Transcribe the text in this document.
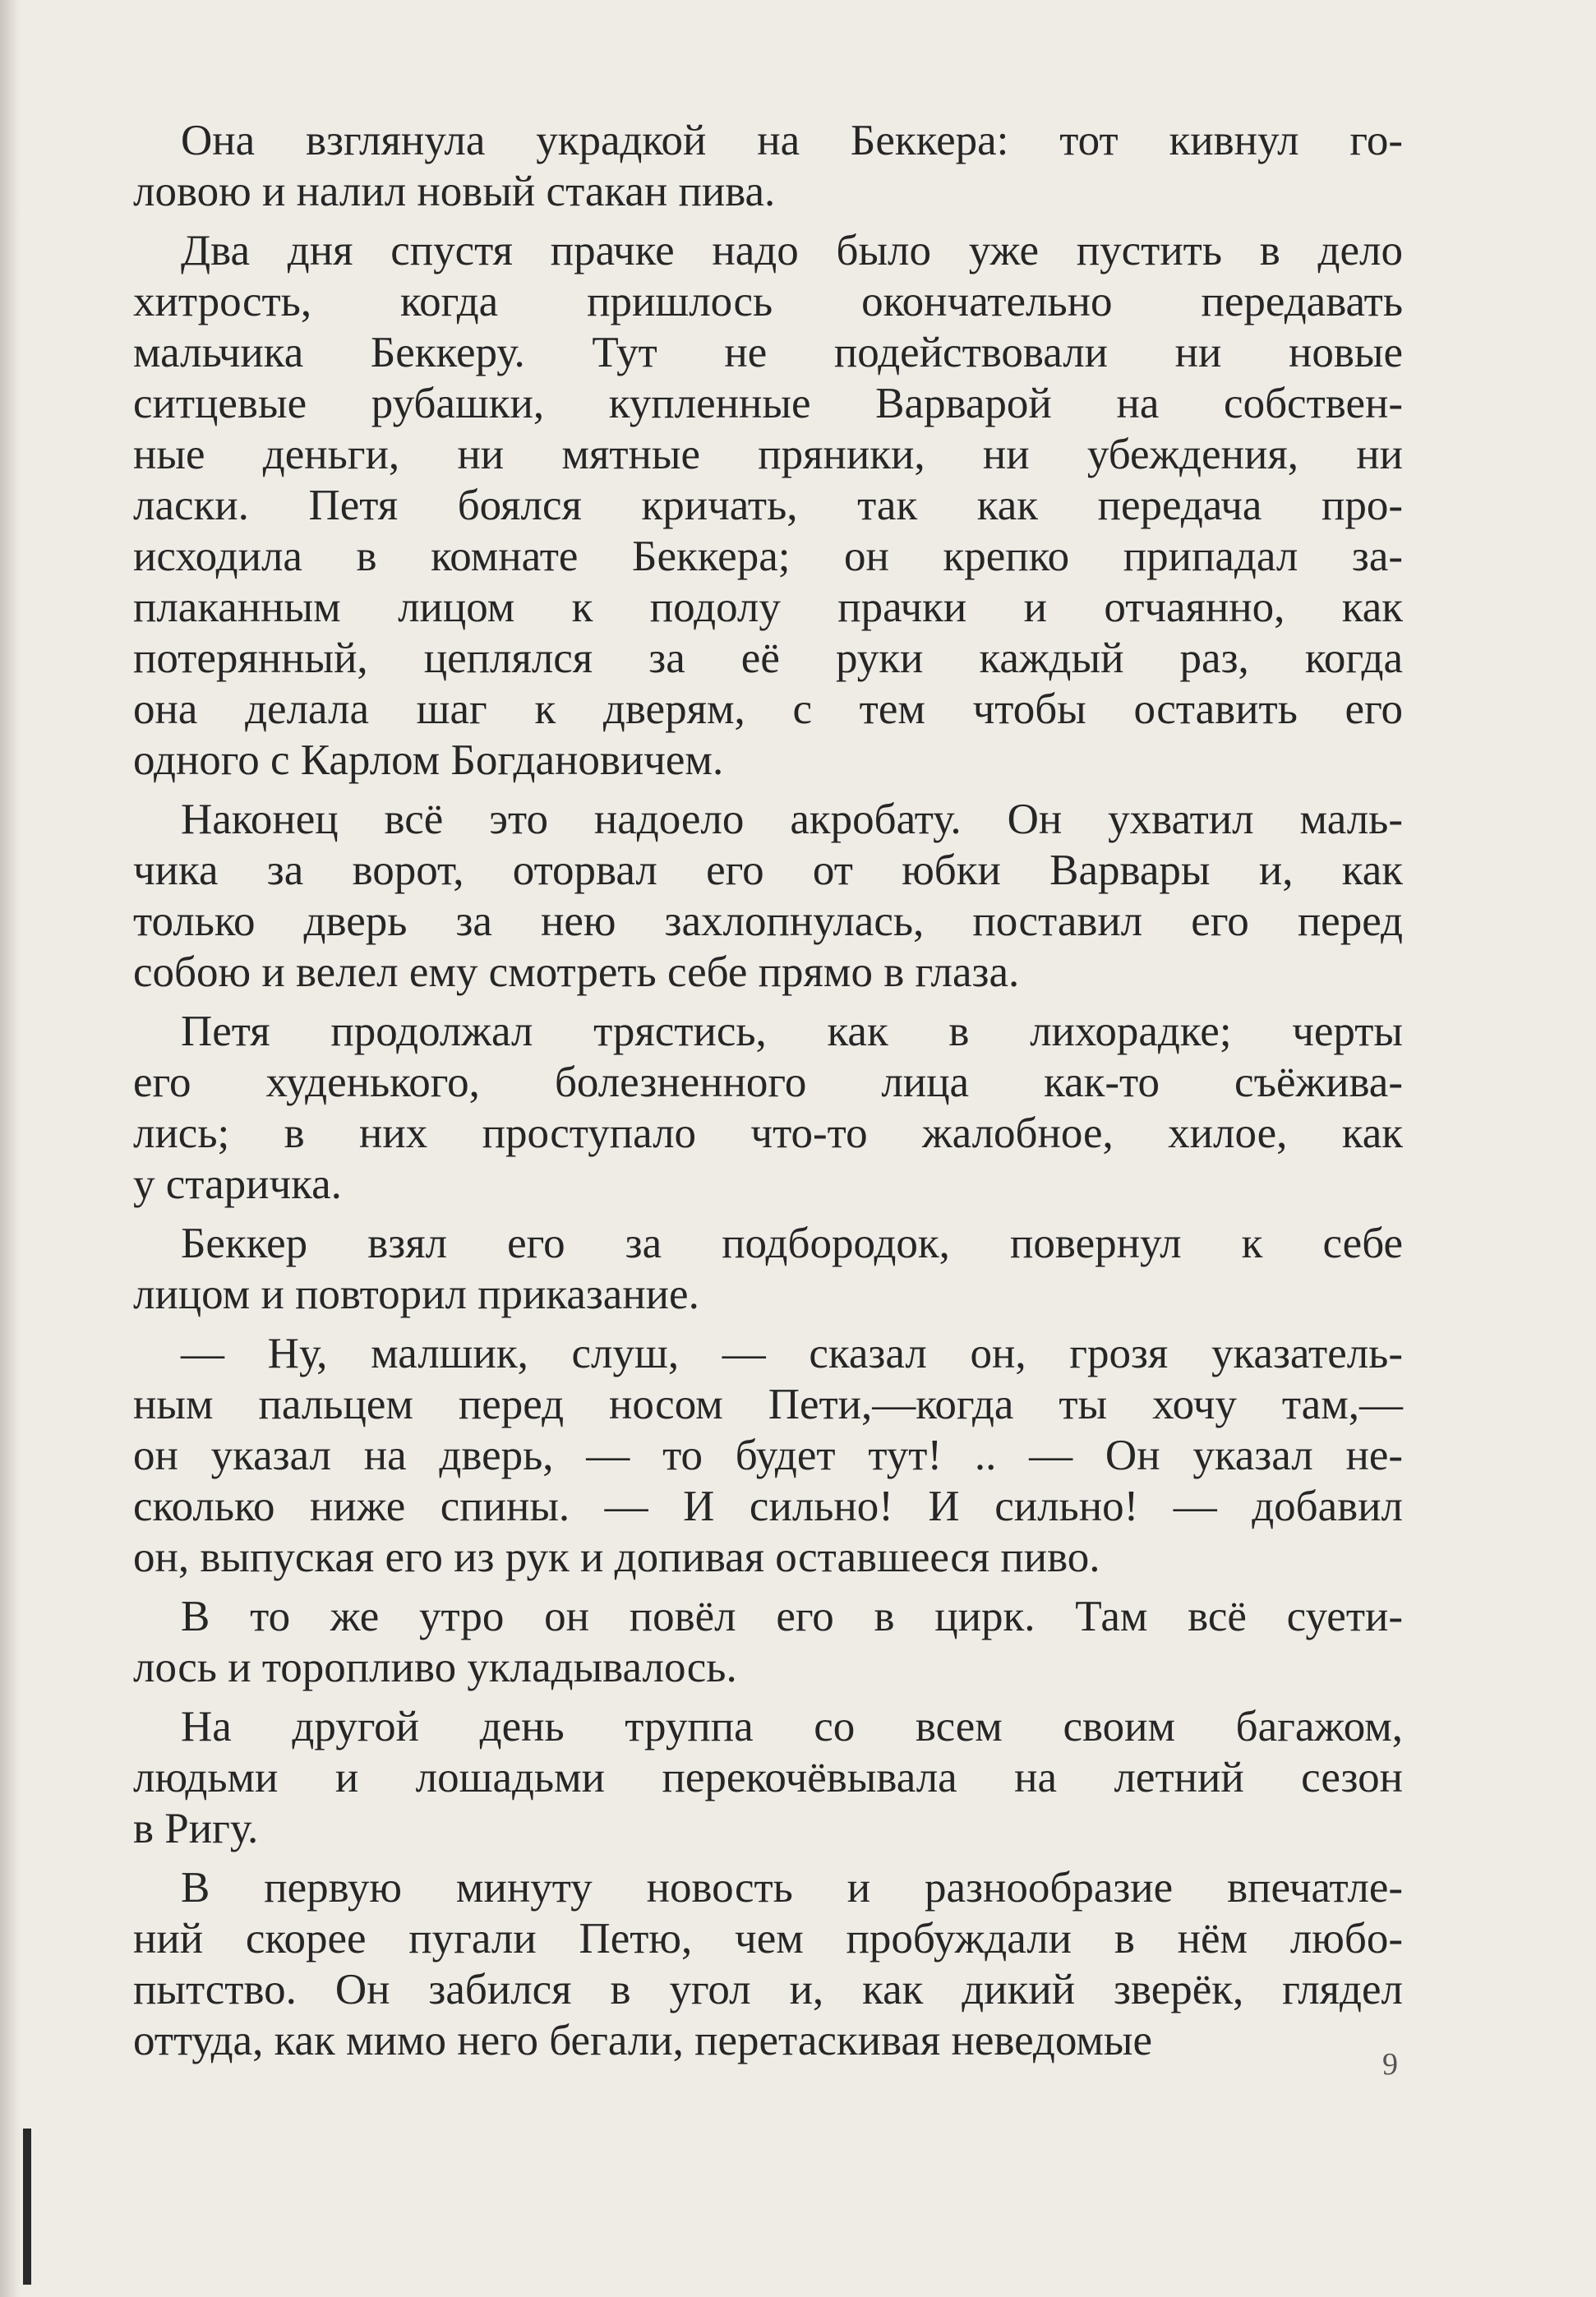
Она взглянула украдкой на Беккера: тот кивнул го-
ловою и налил новый стакан пива.
Два дня спустя прачке надо было уже пустить в дело
хитрость, когда пришлось окончательно передавать
мальчика Беккеру. Тут не подействовали ни новые
ситцевые рубашки, купленные Варварой на собствен-
ные деньги, ни мятные пряники, ни убеждения, ни
ласки. Петя боялся кричать, так как передача про-
исходила в комнате Беккера; он крепко припадал за-
плаканным лицом к подолу прачки и отчаянно, как
потерянный, цеплялся за её руки каждый раз, когда
она делала шаг к дверям, с тем чтобы оставить его
одного с Карлом Богдановичем.
Наконец всё это надоело акробату. Он ухватил маль-
чика за ворот, оторвал его от юбки Варвары и, как
только дверь за нею захлопнулась, поставил его перед
собою и велел ему смотреть себе прямо в глаза.
Петя продолжал трястись, как в лихорадке; черты
его худенького, болезненного лица как-то съёжива-
лись; в них проступало что-то жалобное, хилое, как
у старичка.
Беккер взял его за подбородок, повернул к себе
лицом и повторил приказание.
— Ну, малшик, слуш, — сказал он, грозя указатель-
ным пальцем перед носом Пети,—когда ты хочу там,—
он указал на дверь, — то будет тут! .. — Он указал не-
сколько ниже спины. — И сильно! И сильно! — добавил
он, выпуская его из рук и допивая оставшееся пиво.
В то же утро он повёл его в цирк. Там всё суети-
лось и торопливо укладывалось.
На другой день труппа со всем своим багажом,
людьми и лошадьми перекочёвывала на летний сезон
в Ригу.
В первую минуту новость и разнообразие впечатле-
ний скорее пугали Петю, чем пробуждали в нём любо-
пытство. Он забился в угол и, как дикий зверёк, глядел
оттуда, как мимо него бегали, перетаскивая неведомые	9
